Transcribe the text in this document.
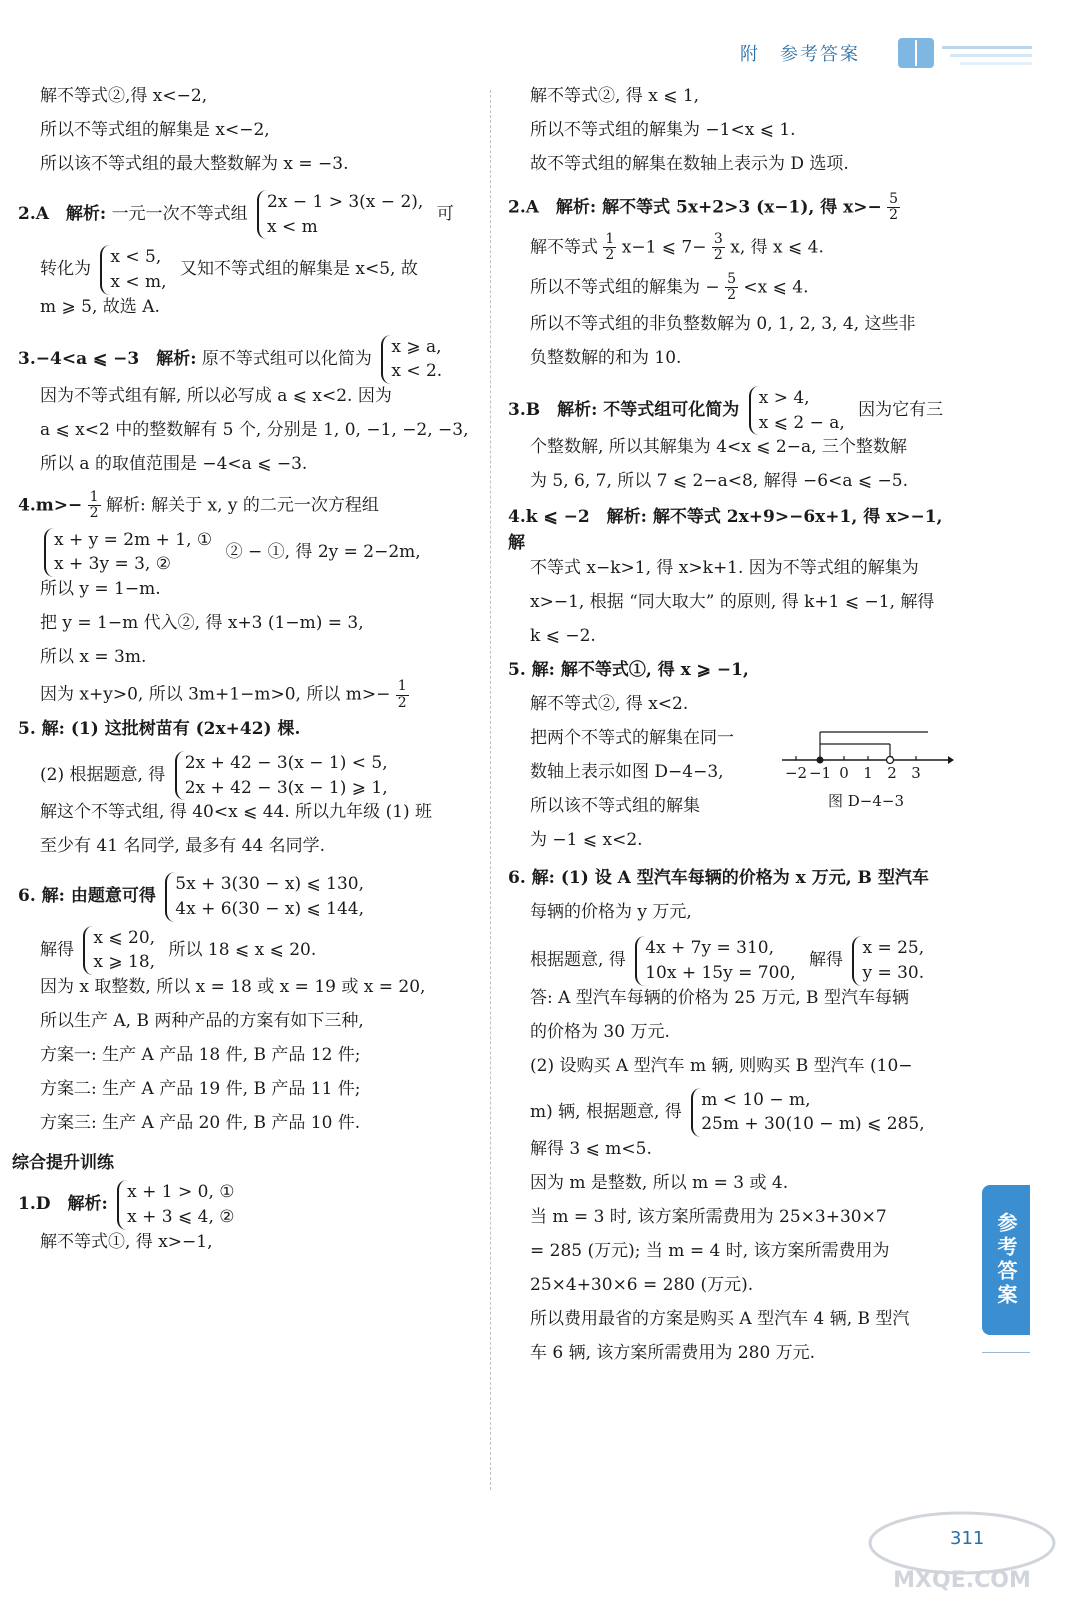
附　参考答案
解不等式②,得 x<−2,
所以不等式组的解集是 x<−2,
所以该不等式组的最大整数解为 x = −3.
2.A　解析: 一元一次不等式组
2x − 1 > 3(x − 2),
x < m
可
转化为
x < 5,
x < m,
又知不等式组的解集是 x<5, 故
m ⩾ 5, 故选 A.
3.−4<a ⩽ −3　解析: 原不等式组可以化简为
x ⩾ a,
x < 2.
因为不等式组有解, 所以必写成 a ⩽ x<2. 因为
a ⩽ x<2 中的整数解有 5 个, 分别是 1, 0, −1, −2, −3,
所以 a 的取值范围是 −4<a ⩽ −3.
$4.m>- \frac{1}{2}$ 解析: 解关于 x, y 的二元一次方程组
x + y = 2m + 1, ①
x + 3y = 3, ②
② − ①, 得 2y = 2−2m,
所以 y = 1−m.
把 y = 1−m 代入②, 得 x+3 (1−m) = 3,
所以 x = 3m.
因为 x+y>0, 所以 3m+1−m>0, 所以 $m>- \frac{1}{2}$
5. 解: (1) 这批树苗有 (2x+42) 棵.
(2) 根据题意, 得
2x + 42 − 3(x − 1) < 5,
2x + 42 − 3(x − 1) ⩾ 1,
解这个不等式组, 得 40<x ⩽ 44. 所以九年级 (1) 班
至少有 41 名同学, 最多有 44 名同学.
6. 解: 由题意可得
5x + 3(30 − x) ⩽ 130,
4x + 6(30 − x) ⩽ 144,
解得
x ⩽ 20,
x ⩾ 18,
所以 18 ⩽ x ⩽ 20.
因为 x 取整数, 所以 x = 18 或 x = 19 或 x = 20,
所以生产 A, B 两种产品的方案有如下三种,
方案一: 生产 A 产品 18 件, B 产品 12 件;
方案二: 生产 A 产品 19 件, B 产品 11 件;
方案三: 生产 A 产品 20 件, B 产品 10 件.
综合提升训练
1.D　解析:
x + 1 > 0, ①
x + 3 ⩽ 4, ②
解不等式①, 得 x>−1,
解不等式②, 得 x ⩽ 1,
所以不等式组的解集为 −1<x ⩽ 1.
故不等式组的解集在数轴上表示为 D 选项.
2.A　解析: 解不等式 5x+2>3 (x−1), 得 $x>- \frac{5}{2}$
解不等式 $\frac{1}{2} x-1$ ⩽ $7- \frac{3}{2} x$, 得 x ⩽ 4.
所以不等式组的解集为 − $\frac{5}{2} <x$ ⩽ 4.
所以不等式组的非负整数解为 0, 1, 2, 3, 4, 这些非
负整数解的和为 10.
3.B　解析: 不等式组可化简为
x > 4,
x ⩽ 2 − a,
因为它有三
个整数解, 所以其解集为 4<x ⩽ 2−a, 三个整数解
为 5, 6, 7, 所以 7 ⩽ 2−a<8, 解得 −6<a ⩽ −5.
4.k ⩽ −2　解析: 解不等式 2x+9>−6x+1, 得 x>−1, 解
不等式 x−k>1, 得 x>k+1. 因为不等式组的解集为
x>−1, 根据 “同大取大” 的原则, 得 k+1 ⩽ −1, 解得
k ⩽ −2.
5. 解: 解不等式①, 得 x ⩾ −1,
解不等式②, 得 x<2.
把两个不等式的解集在同一
数轴上表示如图 D−4−3,
所以该不等式组的解集
为 −1 ⩽ x<2.
−2 −1 0 1 2 3
图 D−4−3
6. 解: (1) 设 A 型汽车每辆的价格为 x 万元, B 型汽车
每辆的价格为 y 万元,
根据题意, 得
4x + 7y = 310,
10x + 15y = 700,
解得
x = 25,
y = 30.
答: A 型汽车每辆的价格为 25 万元, B 型汽车每辆
的价格为 30 万元.
(2) 设购买 A 型汽车 m 辆, 则购买 B 型汽车 (10−
m) 辆, 根据题意, 得
m < 10 − m,
25m + 30(10 − m) ⩽ 285,
解得 3 ⩽ m<5.
因为 m 是整数, 所以 m = 3 或 4.
当 m = 3 时, 该方案所需费用为 25×3+30×7
= 285 (万元); 当 m = 4 时, 该方案所需费用为
25×4+30×6 = 280 (万元).
所以费用最省的方案是购买 A 型汽车 4 辆, B 型汽
车 6 辆, 该方案所需费用为 280 万元.
参考答案
MXQE.COM
311
